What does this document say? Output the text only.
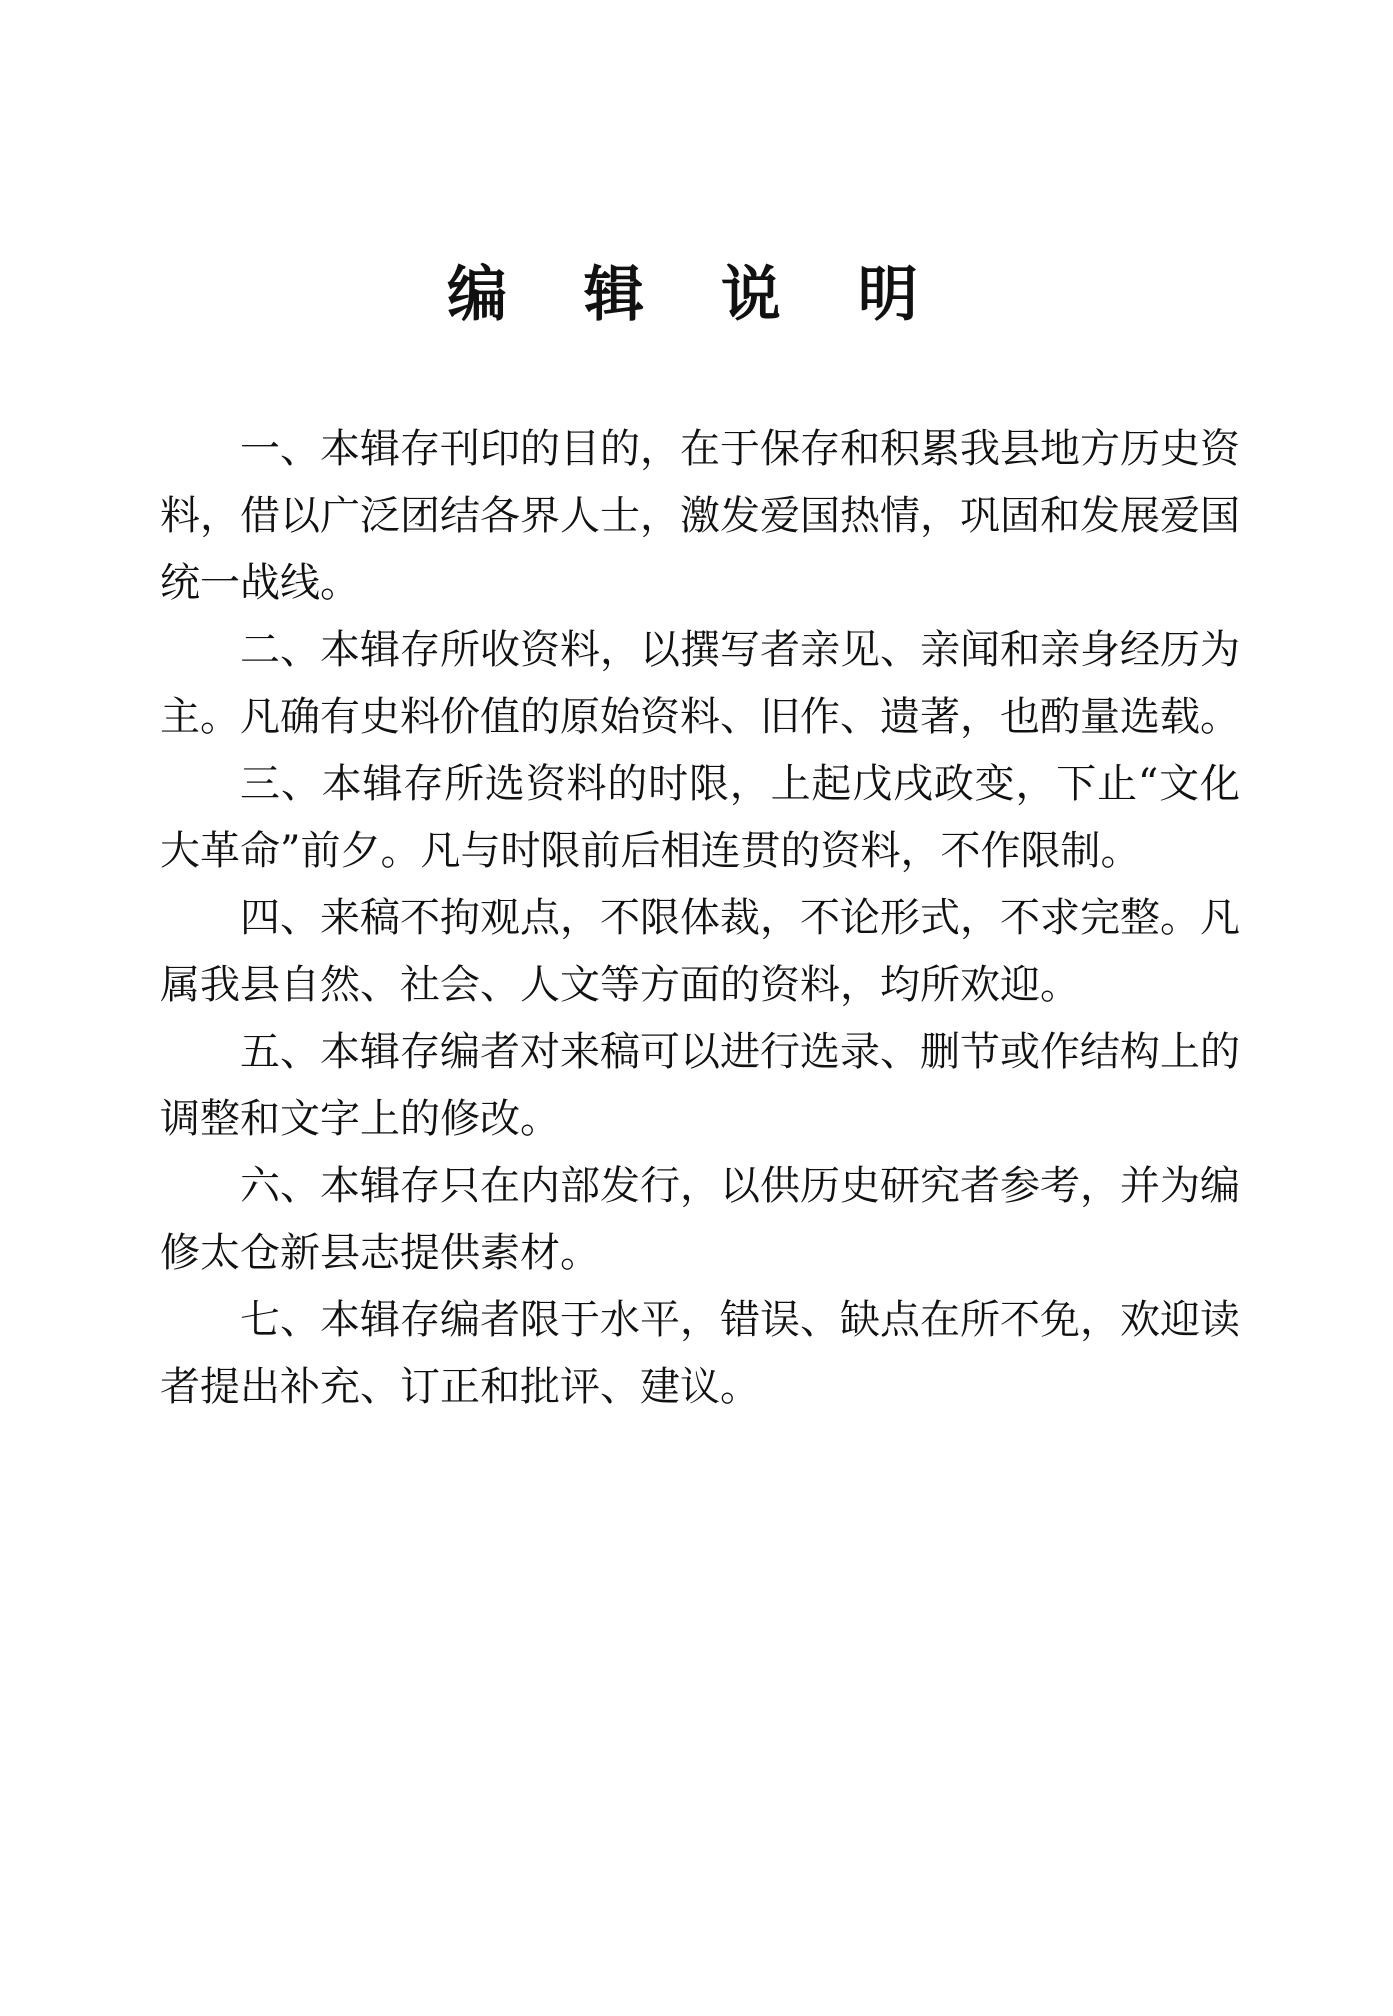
编 辑 说 明

一、本辑存刊印的目的，在于保存和积累我县地方历史资料，借以广泛团结各界人士，激发爱国热情，巩固和发展爱国统一战线。

二、本辑存所收资料，以撰写者亲见、亲闻和亲身经历为主。凡确有史料价值的原始资料、旧作、遗著，也酌量选载。

三、本辑存所选资料的时限，上起戊戌政变，下止“文化大革命”前夕。凡与时限前后相连贯的资料，不作限制。

四、来稿不拘观点，不限体裁，不论形式，不求完整。凡属我县自然、社会、人文等方面的资料，均所欢迎。

五、本辑存编者对来稿可以进行选录、删节或作结构上的调整和文字上的修改。

六、本辑存只在内部发行，以供历史研究者参考，并为编修太仓新县志提供素材。

七、本辑存编者限于水平，错误、缺点在所不免，欢迎读者提出补充、订正和批评、建议。
